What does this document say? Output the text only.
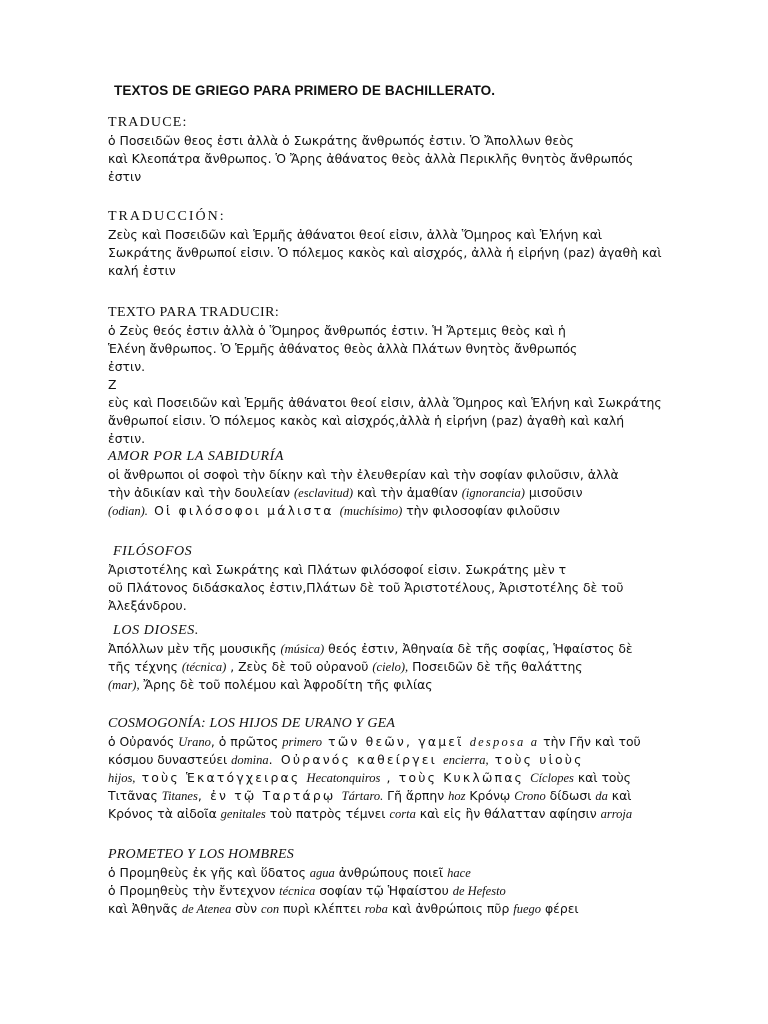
TEXTOS DE GRIEGO PARA PRIMERO DE BACHILLERATO.
TRADUCE:
ὁ Ποσειδῶν θεος ἐστι ἀλλὰ ὁ Σωκράτης ἄνθρωπός ἐστιν. Ὁ Ἄπολλων θεὸς
καὶ Κλεοπάτρα ἄνθρωπος. Ὁ Ἄρης ἀθάνατος θεὸς ἀλλὰ Περικλῆς θνητὸς ἄνθρωπός
ἐστιν
TRADUCCIÓN:
Ζεὺς καὶ Ποσειδῶν καὶ Ἑρμῆς ἀθάνατοι θεοί εἰσιν, ἀλλὰ Ὅμηρος καὶ Ἑλήνη καὶ
Σωκράτης ἄνθρωποί εἰσιν. Ὁ πόλεμος κακὸς καὶ αἰσχρός, ἀλλὰ ἡ εἰρήνη (paz) ἀγαθὴ καὶ
καλή ἐστιν
TEXTO PARA TRADUCIR:
ὁ Ζεὺς θεός ἐστιν ἀλλὰ ὁ Ὅμηρος ἄνθρωπός ἐστιν. Ἡ Ἄρτεμις θεὸς καὶ ἡ
Ἑλένη ἄνθρωπος. Ὁ Ἑρμῆς ἀθάνατος θεὸς ἀλλὰ Πλάτων θνητὸς ἄνθρωπός
ἐστιν.
Ζ
εὺς καὶ Ποσειδῶν καὶ Ἑρμῆς ἀθάνατοι θεοί εἰσιν, ἀλλὰ Ὅμηρος καὶ Ἑλήνη καὶ Σωκράτης
ἄνθρωποί εἰσιν. Ὁ πόλεμος κακὸς καὶ αἰσχρός,ἀλλὰ ἡ εἰρήνη (paz) ἀγαθὴ καὶ καλή
ἐστιν.
AMOR POR LA SABIDURÍA
οἱ ἄνθρωποι οἱ σοφοὶ τὴν δίκην καὶ τὴν ἐλευθερίαν καὶ τὴν σοφίαν φιλοῦσιν, ἀλλὰ
τὴν ἀδικίαν καὶ τὴν δουλείαν (esclavitud) καὶ τὴν ἀμαθίαν (ignorancia) μισοῦσιν
(odian). Οἱ φιλόσοφοι μάλιστα (muchísimo) τὴν φιλοσοφίαν φιλοῦσιν
FILÓSOFOS
Ἀριστοτέλης καὶ Σωκράτης καὶ Πλάτων φιλόσοφοί εἰσιν. Σωκράτης μὲν τ
οῦ Πλάτονος διδάσκαλος ἐστιν,Πλάτων δὲ τοῦ Ἀριστοτέλους, Ἀριστοτέλης δὲ τοῦ
Ἀλεξάνδρου.
LOS DIOSES.
Ἀπόλλων μὲν τῆς μουσικῆς (música) θεός ἐστιν, Ἀθηναία δὲ τῆς σοφίας, Ἡφαίστος δὲ
τῆς τέχνης (técnica) , Ζεὺς δὲ τοῦ οὐρανοῦ (cielo), Ποσειδῶν δὲ τῆς θαλάττης
(mar), Ἄρης δὲ τοῦ πολέμου καὶ Ἀφροδίτη τῆς φιλίας
COSMOGONÍA: LOS HIJOS DE URANO Y GEA
ὁ Οὐρανός Urano, ὁ πρῶτος primero τῶν θεῶν, γαμεῖ desposa a τὴν Γῆν καὶ τοῦ
κόσμου δυναστεύει domina. Οὐρανός καθείργει encierra, τοὺς υἱοὺς
hijos, τοὺς Ἑκατόγχειρας Hecatonquiros , τοὺς Κυκλῶπας Cíclopes καὶ τοὺς
Τιτᾶνας Titanes, ἐν τῷ Ταρτάρῳ Tártaro. Γῆ ἅρπην hoz Κρόνῳ Crono δίδωσι da καὶ
Κρόνος τὰ αἰδοῖα genitales τοὺ πατρὸς τέμνει corta καὶ εἰς ἣν θάλατταν αφίησιν arroja
PROMETEO Y LOS HOMBRES
ὁ Προμηθεὺς ἐκ γῆς καὶ ὕδατος agua ἀνθρώπους ποιεῖ hace
ὁ Προμηθεὺς τὴν ἔντεχνον técnica σοφίαν τῷ Ἡφαίστου de Hefesto
καὶ Ἀθηνᾶς de Atenea σὺν con πυρὶ κλέπτει roba καὶ ἀνθρώποις πῦρ fuego φέρει
